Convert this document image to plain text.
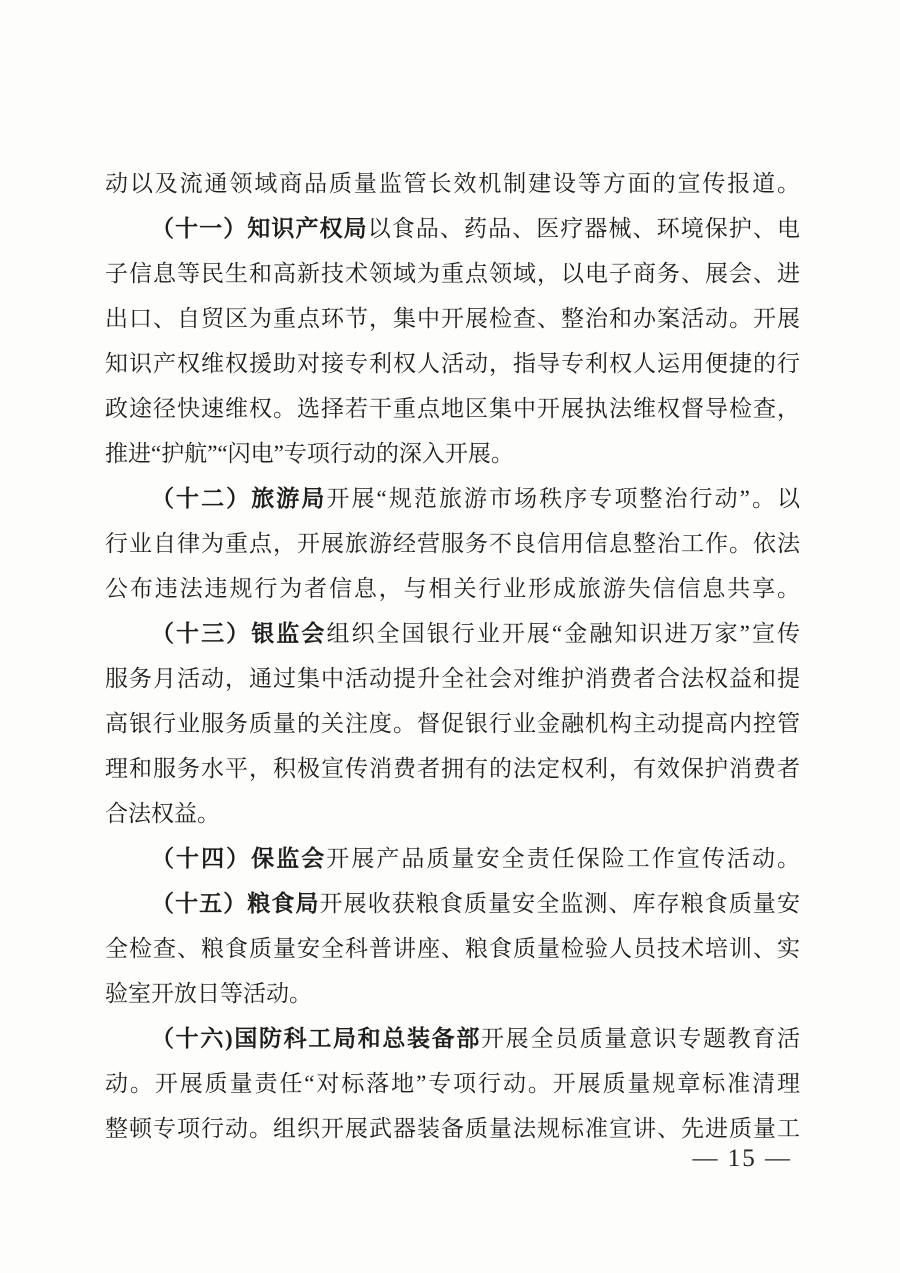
动以及流通领域商品质量监管长效机制建设等方面的宣传报道。
（十一）知识产权局以食品、药品、医疗器械、环境保护、电
子信息等民生和高新技术领域为重点领域，以电子商务、展会、进
出口、自贸区为重点环节，集中开展检查、整治和办案活动。开展
知识产权维权援助对接专利权人活动，指导专利权人运用便捷的行
政途径快速维权。选择若干重点地区集中开展执法维权督导检查，
推进“护航”“闪电”专项行动的深入开展。
（十二）旅游局开展“规范旅游市场秩序专项整治行动”。以
行业自律为重点，开展旅游经营服务不良信用信息整治工作。依法
公布违法违规行为者信息，与相关行业形成旅游失信信息共享。
（十三）银监会组织全国银行业开展“金融知识进万家”宣传
服务月活动，通过集中活动提升全社会对维护消费者合法权益和提
高银行业服务质量的关注度。督促银行业金融机构主动提高内控管
理和服务水平，积极宣传消费者拥有的法定权利，有效保护消费者
合法权益。
（十四）保监会开展产品质量安全责任保险工作宣传活动。
（十五）粮食局开展收获粮食质量安全监测、库存粮食质量安
全检查、粮食质量安全科普讲座、粮食质量检验人员技术培训、实
验室开放日等活动。
（十六)国防科工局和总装备部开展全员质量意识专题教育活
动。开展质量责任“对标落地”专项行动。开展质量规章标准清理
整顿专项行动。组织开展武器装备质量法规标准宣讲、先进质量工
— 15 —
